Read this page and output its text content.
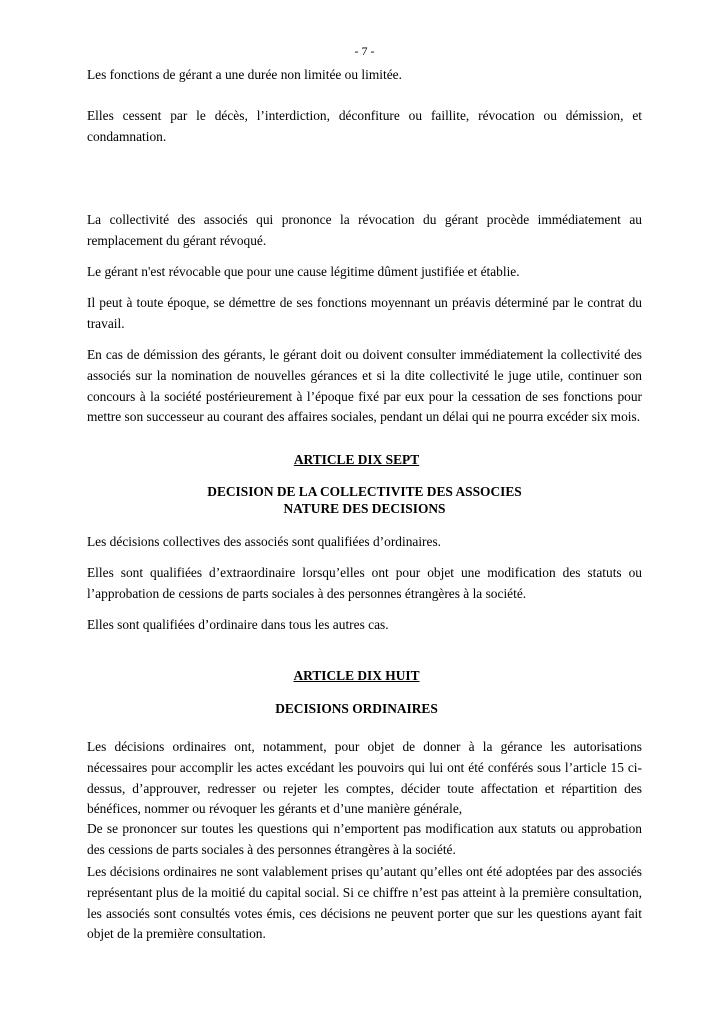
- 7 -

Les fonctions de gérant a une durée non limitée ou limitée.

Elles cessent par le décès, l’interdiction, déconfiture ou faillite, révocation ou démission, et condamnation.

La collectivité des associés qui prononce la révocation du gérant procède immédiatement au remplacement du gérant révoqué.

Le gérant n'est révocable que pour une cause légitime dûment justifiée et établie.

Il peut à toute époque, se démettre de ses fonctions moyennant un préavis déterminé par le contrat du travail.

En cas de démission des gérants, le gérant doit ou doivent consulter immédiatement la collectivité des associés sur la nomination de nouvelles gérances et si la dite collectivité le juge utile, continuer son concours à la société postérieurement à l’époque fixé par eux pour la cessation de ses fonctions pour mettre son successeur au courant des affaires sociales, pendant un délai qui ne pourra excéder six mois.

ARTICLE DIX SEPT
DECISION DE LA COLLECTIVITE DES ASSOCIES
NATURE DES DECISIONS

Les décisions collectives des associés sont qualifiées d’ordinaires.

Elles sont qualifiées d’extraordinaire lorsqu’elles ont pour objet une modification des statuts ou l’approbation de cessions de parts sociales à des personnes étrangères à la société.

Elles sont qualifiées d’ordinaire dans tous les autres cas.

ARTICLE DIX HUIT
DECISIONS ORDINAIRES

Les décisions ordinaires ont, notamment, pour objet de donner à la gérance les autorisations nécessaires pour accomplir les actes excédant les pouvoirs qui lui ont été conférés sous l’article 15 ci-dessus, d’approuver, redresser ou rejeter les comptes, décider toute affectation et répartition des bénéfices, nommer ou révoquer les gérants et d’une manière générale,

De se prononcer sur toutes les questions qui n’emportent pas modification aux statuts ou approbation des cessions de parts sociales à des personnes étrangères à la société.

Les décisions ordinaires ne sont valablement prises qu’autant qu’elles ont été adoptées par des associés représentant plus de la moitié du capital social. Si ce chiffre n’est pas atteint à la première consultation, les associés sont consultés votes émis, ces décisions ne peuvent porter que sur les questions ayant fait objet de la première consultation.
